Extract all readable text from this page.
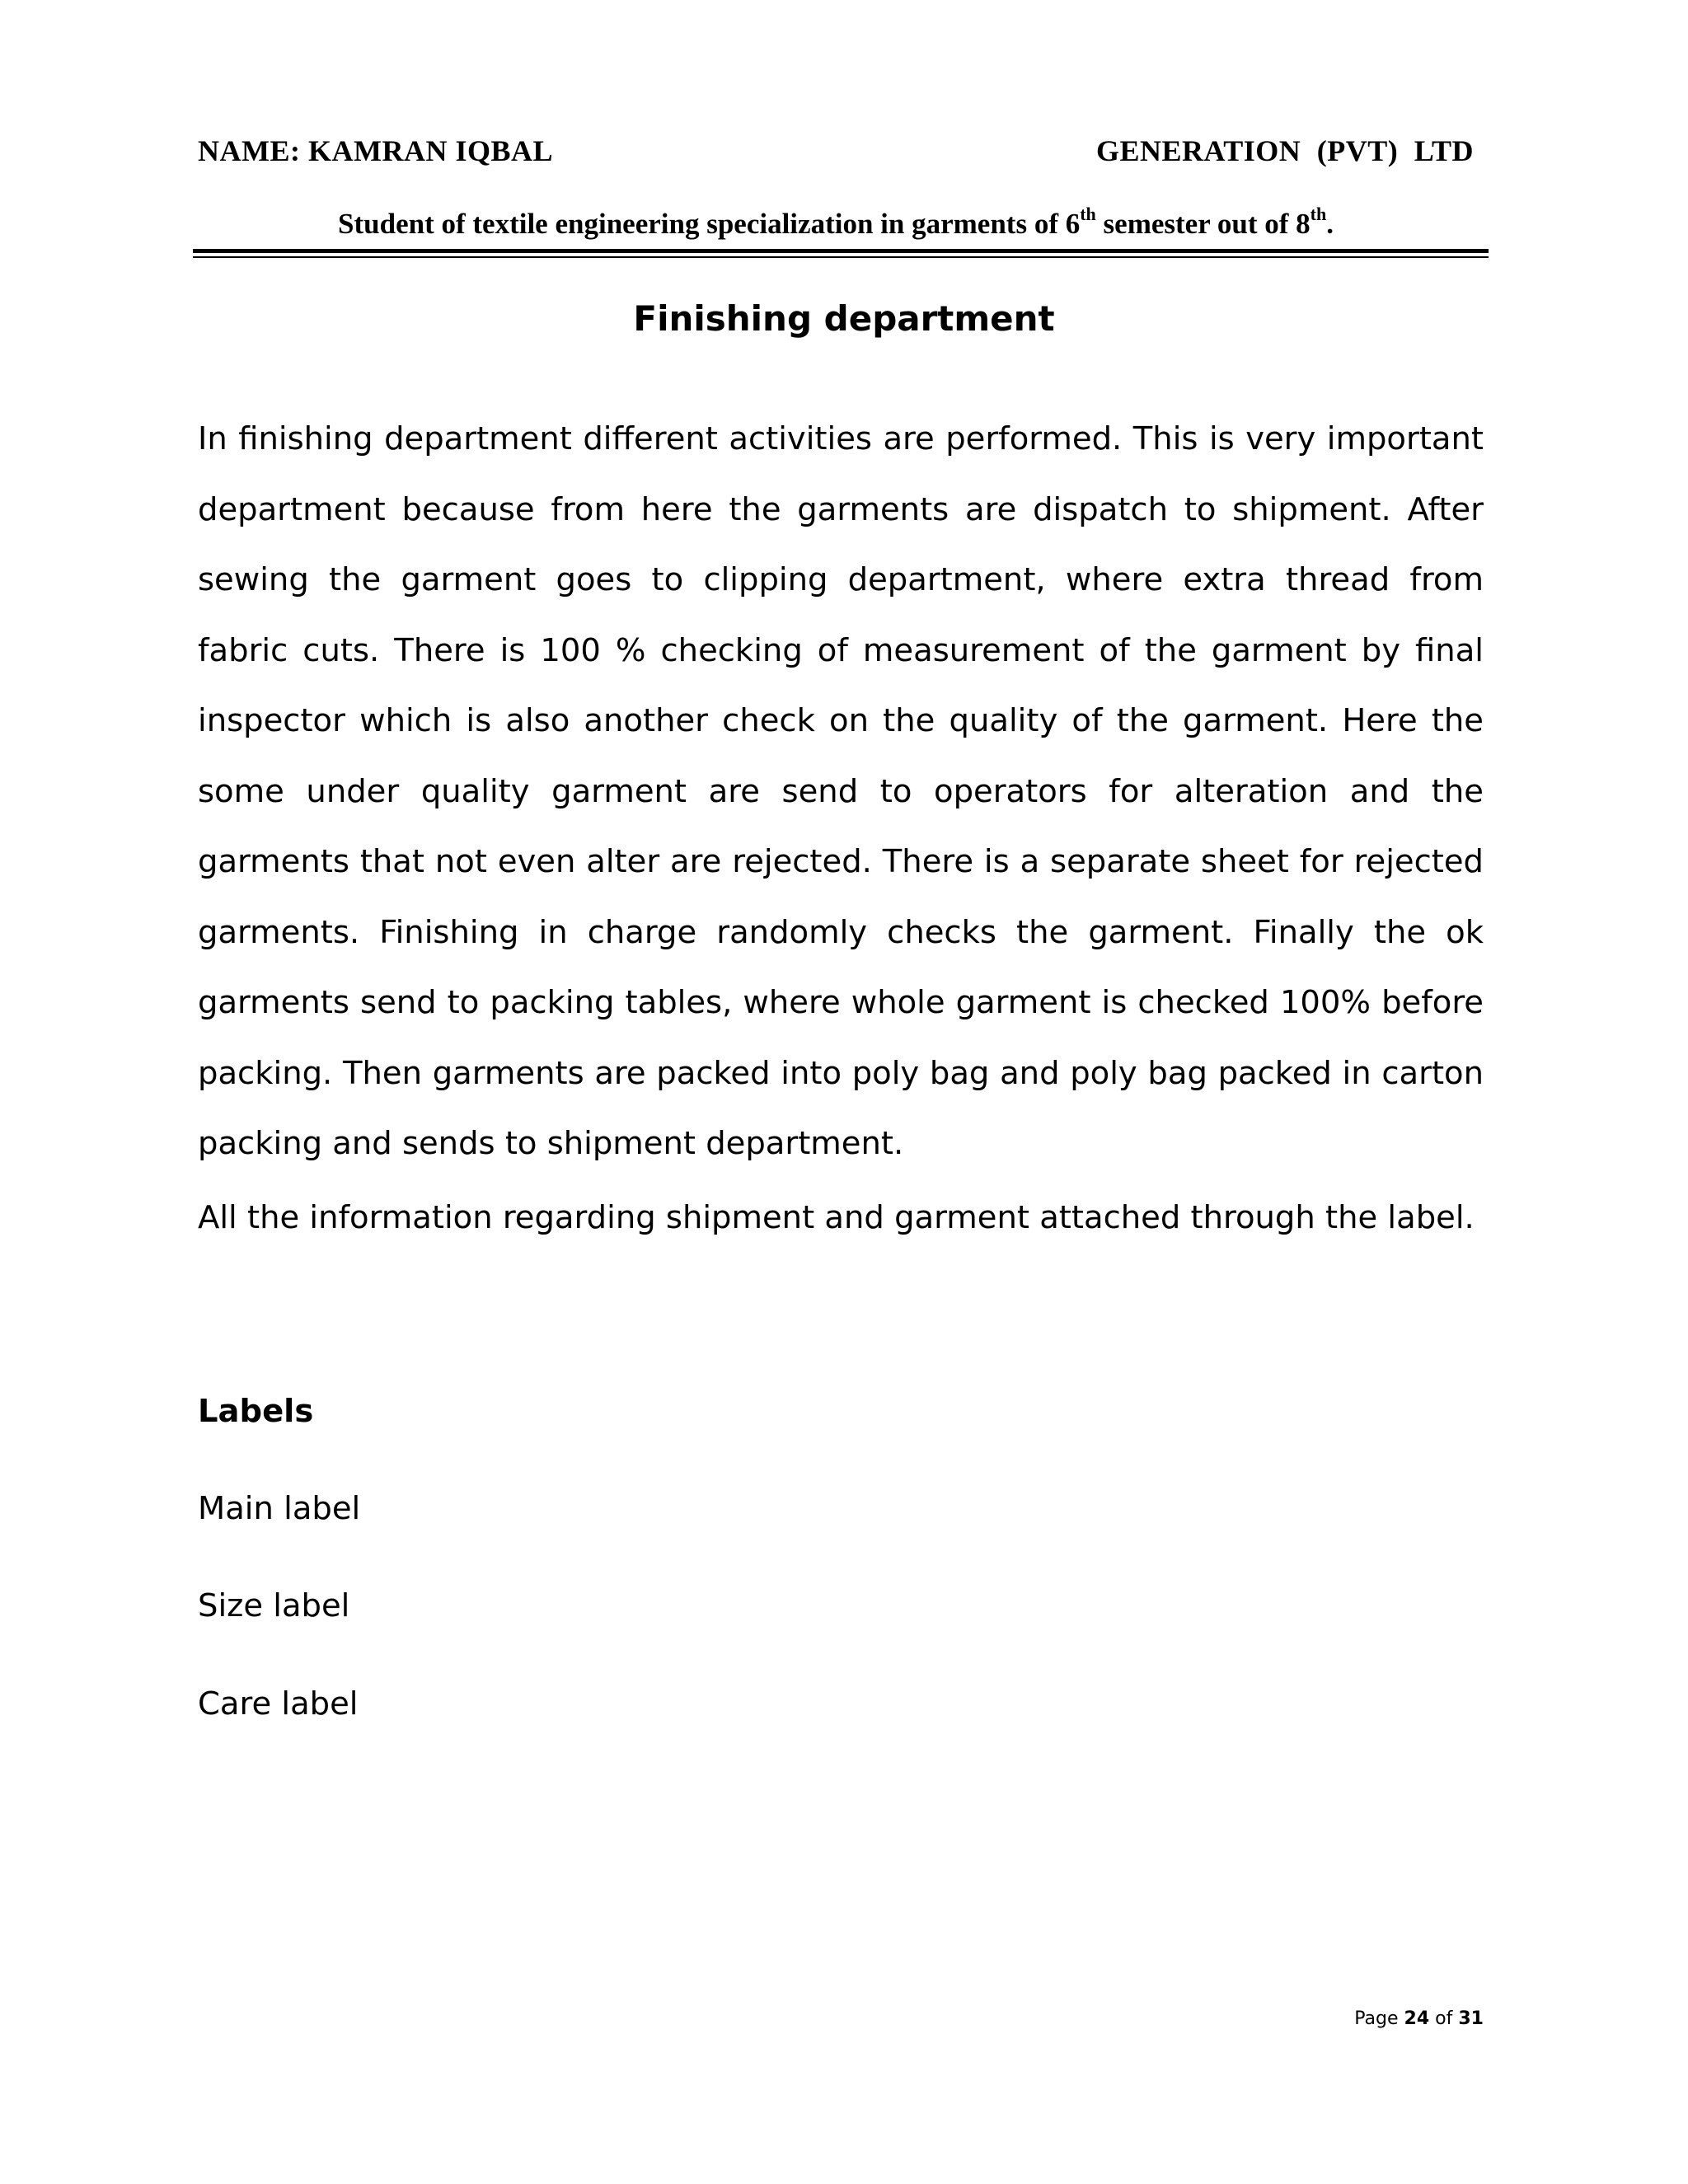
NAME: KAMRAN IQBAL	GENERATION (PVT) LTD
Student of textile engineering specialization in garments of 6th semester out of 8th.
Finishing department

In finishing department different activities are performed. This is very important department because from here the garments are dispatch to shipment. After sewing the garment goes to clipping department, where extra thread from fabric cuts. There is 100 % checking of measurement of the garment by final inspector which is also another check on the quality of the garment. Here the some under quality garment are send to operators for alteration and the garments that not even alter are rejected. There is a separate sheet for rejected garments. Finishing in charge randomly checks the garment. Finally the ok garments send to packing tables, where whole garment is checked 100% before packing. Then garments are packed into poly bag and poly bag packed in carton packing and sends to shipment department.

All the information regarding shipment and garment attached through the label.
Labels
Main label
Size label
Care label
Page 24 of 31
